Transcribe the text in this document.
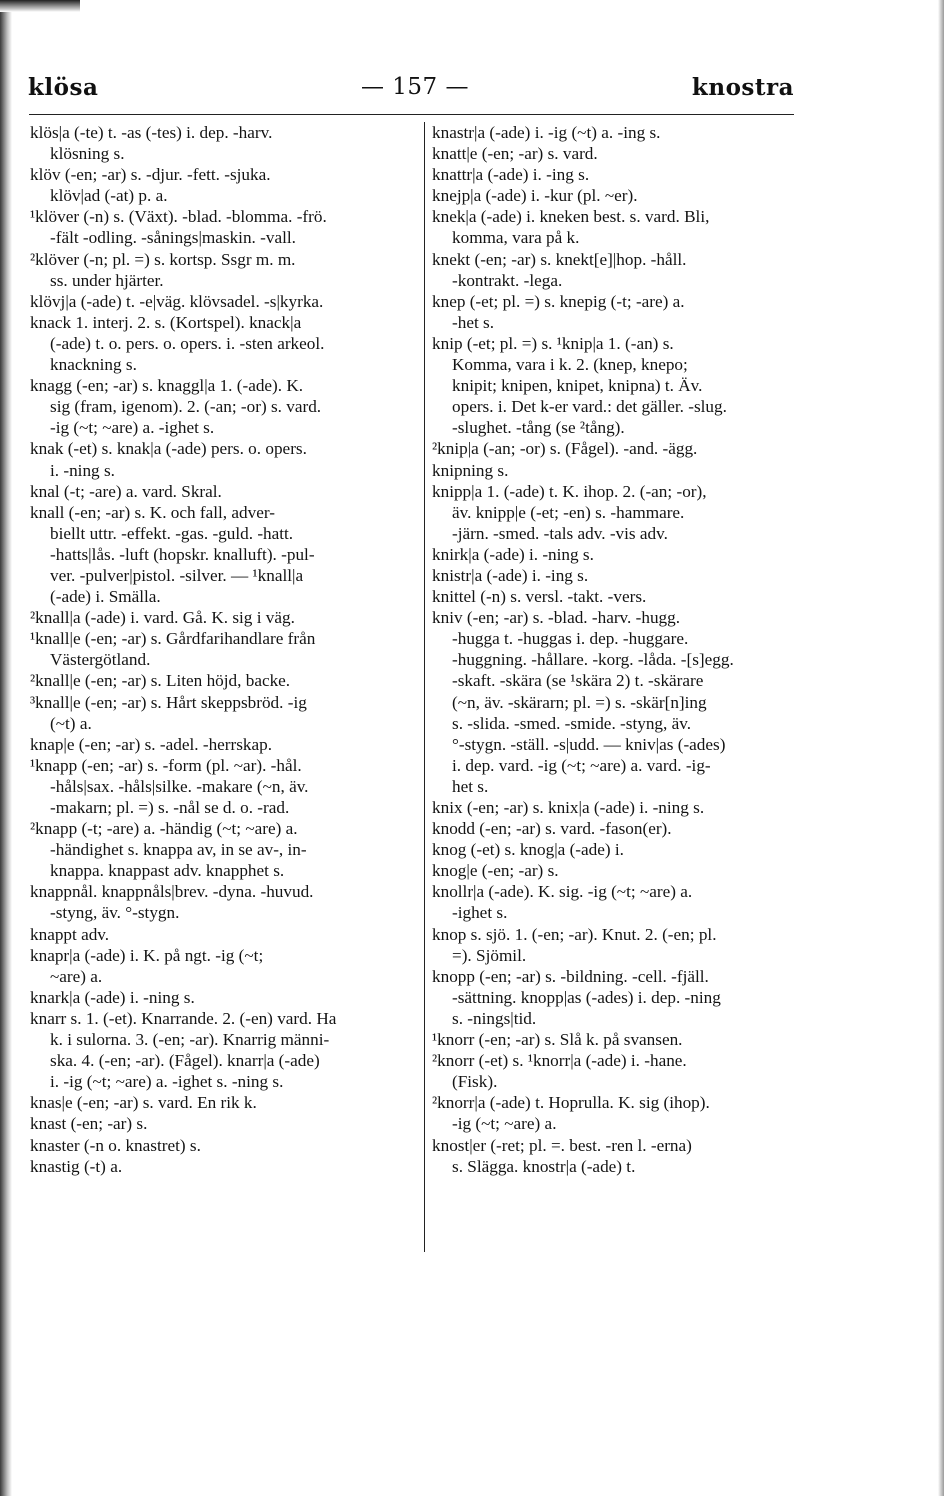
klösa	— 157 —	knostra
klös|a (-te) t. -as (-tes) i. dep. -harv.
klösning s.
klöv (-en; -ar) s. -djur. -fett. -sjuka.
klöv|ad (-at) p. a.
¹klöver (-n) s. (Växt). -blad. -blomma. -frö.
-fält -odling. -sånings|maskin. -vall.
²klöver (-n; pl. =) s. kortsp. Ssgr m. m.
ss. under hjärter.
klövj|a (-ade) t. -e|väg. klövsadel. -s|kyrka.
knack 1. interj. 2. s. (Kortspel). knack|a
(-ade) t. o. pers. o. opers. i. -sten arkeol.
knackning s.
knagg (-en; -ar) s. knaggl|a 1. (-ade). K.
sig (fram, igenom). 2. (-an; -or) s. vard.
-ig (~t; ~are) a. -ighet s.
knak (-et) s. knak|a (-ade) pers. o. opers.
i. -ning s.
knal (-t; -are) a. vard. Skral.
knall (-en; -ar) s. K. och fall, adver-
biellt uttr. -effekt. -gas. -guld. -hatt.
-hatts|lås. -luft (hopskr. knalluft). -pul-
ver. -pulver|pistol. -silver. — ¹knall|a
(-ade) i. Smälla.
²knall|a (-ade) i. vard. Gå. K. sig i väg.
¹knall|e (-en; -ar) s. Gårdfarihandlare från
Västergötland.
²knall|e (-en; -ar) s. Liten höjd, backe.
³knall|e (-en; -ar) s. Hårt skeppsbröd. -ig
(~t) a.
knap|e (-en; -ar) s. -adel. -herrskap.
¹knapp (-en; -ar) s. -form (pl. ~ar). -hål.
-håls|sax. -håls|silke. -makare (~n, äv.
-makarn; pl. =) s. -nål se d. o. -rad.
²knapp (-t; -are) a. -händig (~t; ~are) a.
-händighet s. knappa av, in se av-, in-
knappa. knappast adv. knapphet s.
knappnål. knappnåls|brev. -dyna. -huvud.
-styng, äv. °-stygn.
knappt adv.
knapr|a (-ade) i. K. på ngt. -ig (~t;
~are) a.
knark|a (-ade) i. -ning s.
knarr s. 1. (-et). Knarrande. 2. (-en) vard. Ha
k. i sulorna. 3. (-en; -ar). Knarrig männi-
ska. 4. (-en; -ar). (Fågel). knarr|a (-ade)
i. -ig (~t; ~are) a. -ighet s. -ning s.
knas|e (-en; -ar) s. vard. En rik k.
knast (-en; -ar) s.
knaster (-n o. knastret) s.
knastig (-t) a.
knastr|a (-ade) i. -ig (~t) a. -ing s.
knatt|e (-en; -ar) s. vard.
knattr|a (-ade) i. -ing s.
knejp|a (-ade) i. -kur (pl. ~er).
knek|a (-ade) i. kneken best. s. vard. Bli,
komma, vara på k.
knekt (-en; -ar) s. knekt[e]|hop. -håll.
-kontrakt. -lega.
knep (-et; pl. =) s. knepig (-t; -are) a.
-het s.
knip (-et; pl. =) s. ¹knip|a 1. (-an) s.
Komma, vara i k. 2. (knep, knepo;
knipit; knipen, knipet, knipna) t. Äv.
opers. i. Det k-er vard.: det gäller. -slug.
-slughet. -tång (se ²tång).
²knip|a (-an; -or) s. (Fågel). -and. -ägg.
knipning s.
knipp|a 1. (-ade) t. K. ihop. 2. (-an; -or),
äv. knipp|e (-et; -en) s. -hammare.
-järn. -smed. -tals adv. -vis adv.
knirk|a (-ade) i. -ning s.
knistr|a (-ade) i. -ing s.
knittel (-n) s. versl. -takt. -vers.
kniv (-en; -ar) s. -blad. -harv. -hugg.
-hugga t. -huggas i. dep. -huggare.
-huggning. -hållare. -korg. -låda. -[s]egg.
-skaft. -skära (se ¹skära 2) t. -skärare
(~n, äv. -skärarn; pl. =) s. -skär[n]ing
s. -slida. -smed. -smide. -styng, äv.
°-stygn. -ställ. -s|udd. — kniv|as (-ades)
i. dep. vard. -ig (~t; ~are) a. vard. -ig-
het s.
knix (-en; -ar) s. knix|a (-ade) i. -ning s.
knodd (-en; -ar) s. vard. -fason(er).
knog (-et) s. knog|a (-ade) i.
knog|e (-en; -ar) s.
knollr|a (-ade). K. sig. -ig (~t; ~are) a.
-ighet s.
knop s. sjö. 1. (-en; -ar). Knut. 2. (-en; pl.
=). Sjömil.
knopp (-en; -ar) s. -bildning. -cell. -fjäll.
-sättning. knopp|as (-ades) i. dep. -ning
s. -nings|tid.
¹knorr (-en; -ar) s. Slå k. på svansen.
²knorr (-et) s. ¹knorr|a (-ade) i. -hane.
(Fisk).
²knorr|a (-ade) t. Hoprulla. K. sig (ihop).
-ig (~t; ~are) a.
knost|er (-ret; pl. =. best. -ren l. -erna)
s. Slägga. knostr|a (-ade) t.
